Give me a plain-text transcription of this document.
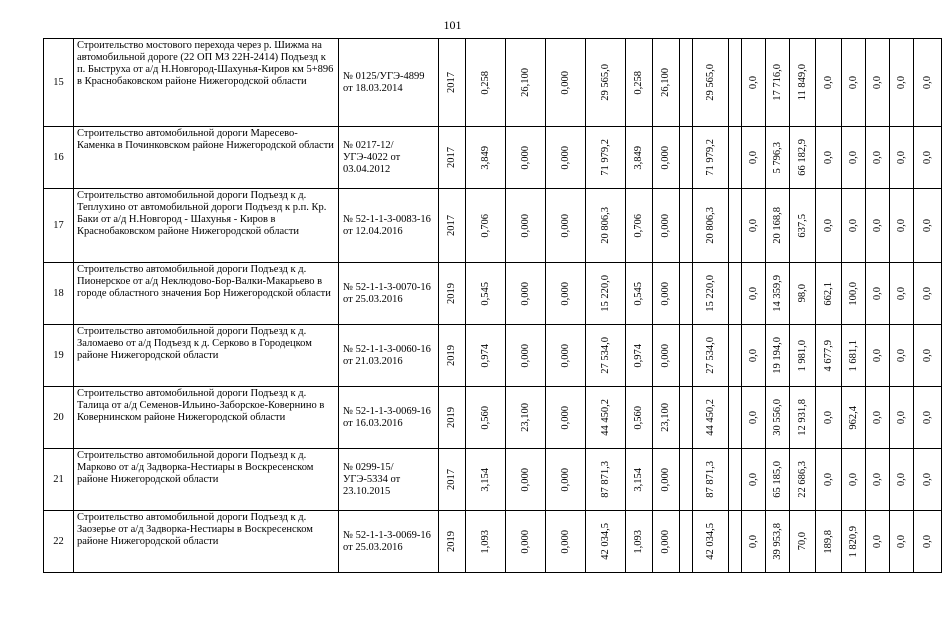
101
15	Строительство мостового перехода через р. Шижма на автомобильной дороге (22 ОП МЗ 22Н-2414) Подъезд к п. Быструха от а/д Н.Новгород-Шахунья-Киров км 5+896 в Краснобаковском районе Нижегородской области	№ 0125/УГЭ-4899 от 18.03.2014	2017	0,258	26,100	0,000	29 565,0	0,258	26,100		29 565,0		0,0	17 716,0	11 849,0	0,0	0,0	0,0	0,0	0,0

16	Строительство автомобильной дороги Маресево-Каменка в Починковском районе Нижегородской области	№ 0217-12/УГЭ-4022 от 03.04.2012	2017	3,849	0,000	0,000	71 979,2	3,849	0,000		71 979,2		0,0	5 796,3	66 182,9	0,0	0,0	0,0	0,0	0,0

17	Строительство автомобильной дороги Подъезд к д. Теплухино от автомобильной дороги Подъезд к р.п. Кр. Баки от а/д Н.Новгород - Шахунья - Киров в Краснобаковском районе Нижегородской области	№ 52-1-1-3-0083-16 от 12.04.2016	2017	0,706	0,000	0,000	20 806,3	0,706	0,000		20 806,3		0,0	20 168,8	637,5	0,0	0,0	0,0	0,0	0,0

18	Строительство автомобильной дороги Подъезд к д. Пионерское от а/д Неклюдово-Бор-Валки-Макарьево в городе областного значения Бор Нижегородской области	№ 52-1-1-3-0070-16 от 25.03.2016	2019	0,545	0,000	0,000	15 220,0	0,545	0,000		15 220,0		0,0	14 359,9	98,0	662,1	100,0	0,0	0,0	0,0

19	Строительство автомобильной дороги Подъезд к д. Заломаево от а/д Подъезд к д. Серково в Городецком районе Нижегородской области	№ 52-1-1-3-0060-16 от 21.03.2016	2019	0,974	0,000	0,000	27 534,0	0,974	0,000		27 534,0		0,0	19 194,0	1 981,0	4 677,9	1 681,1	0,0	0,0	0,0

20	Строительство автомобильной дороги Подъезд к д. Талица от а/д Семенов-Ильино-Заборское-Ковернино в Ковернинском районе Нижегородской области	№ 52-1-1-3-0069-16 от 16.03.2016	2019	0,560	23,100	0,000	44 450,2	0,560	23,100		44 450,2		0,0	30 556,0	12 931,8	0,0	962,4	0,0	0,0	0,0

21	Строительство автомобильной дороги Подъезд к д. Марково от а/д Задворка-Нестиары в Воскресенском районе Нижегородской области	№ 0299-15/УГЭ-5334 от 23.10.2015	2017	3,154	0,000	0,000	87 871,3	3,154	0,000		87 871,3		0,0	65 185,0	22 686,3	0,0	0,0	0,0	0,0	0,0

22	Строительство автомобильной дороги Подъезд к д. Заозерье от а/д Задворка-Нестиары в Воскресенском районе Нижегородской области	№ 52-1-1-3-0069-16 от 25.03.2016	2019	1,093	0,000	0,000	42 034,5	1,093	0,000		42 034,5		0,0	39 953,8	70,0	189,8	1 820,9	0,0	0,0	0,0
